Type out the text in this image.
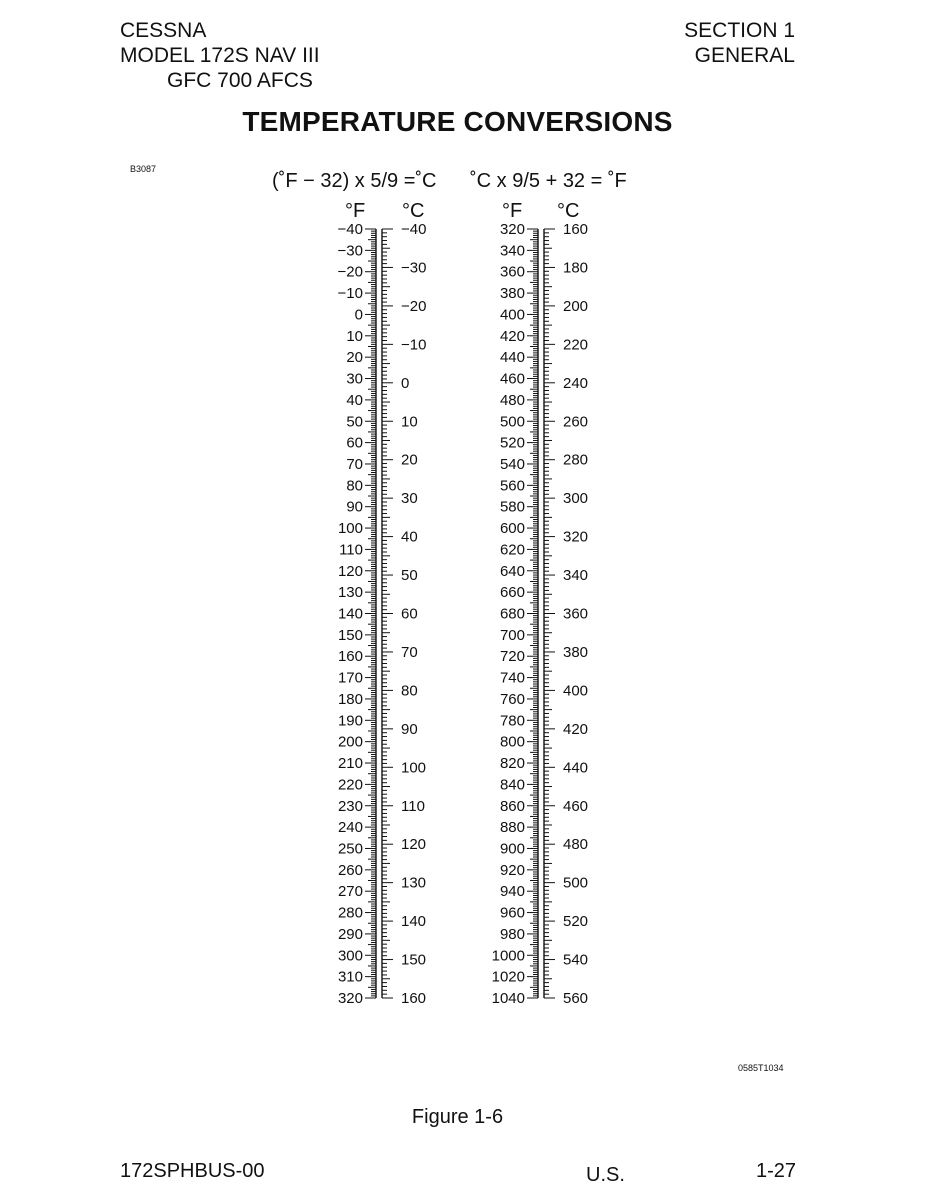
CESSNA
MODEL 172S NAV III
GFC 700 AFCS
SECTION 1
GENERAL
TEMPERATURE CONVERSIONS
B3087
(˚F − 32) x 5/9 =˚C ˚C x 9/5 + 32 = ˚F
°F °C	°F °C
−40
−30
−20
−10
0
10
20
30
40
50
60
70
80
90
100
110
120
130
140
150
160
170
180
190
200
210
220
230
240
250
260
270
280
290
300
310
320
−40
−30
−20
−10
0
10
20
30
40
50
60
70
80
90
100
110
120
130
140
150
160
320
340
360
380
400
420
440
460
480
500
520
540
560
580
600
620
640
660
680
700
720
740
760
780
800
820
840
860
880
900
920
940
960
980
1000
1020
1040
160
180
200
220
240
260
280
300
320
340
360
380
400
420
440
460
480
500
520
540
560
0585T1034
Figure 1-6
172SPHBUS-00	U.S.	1-27
